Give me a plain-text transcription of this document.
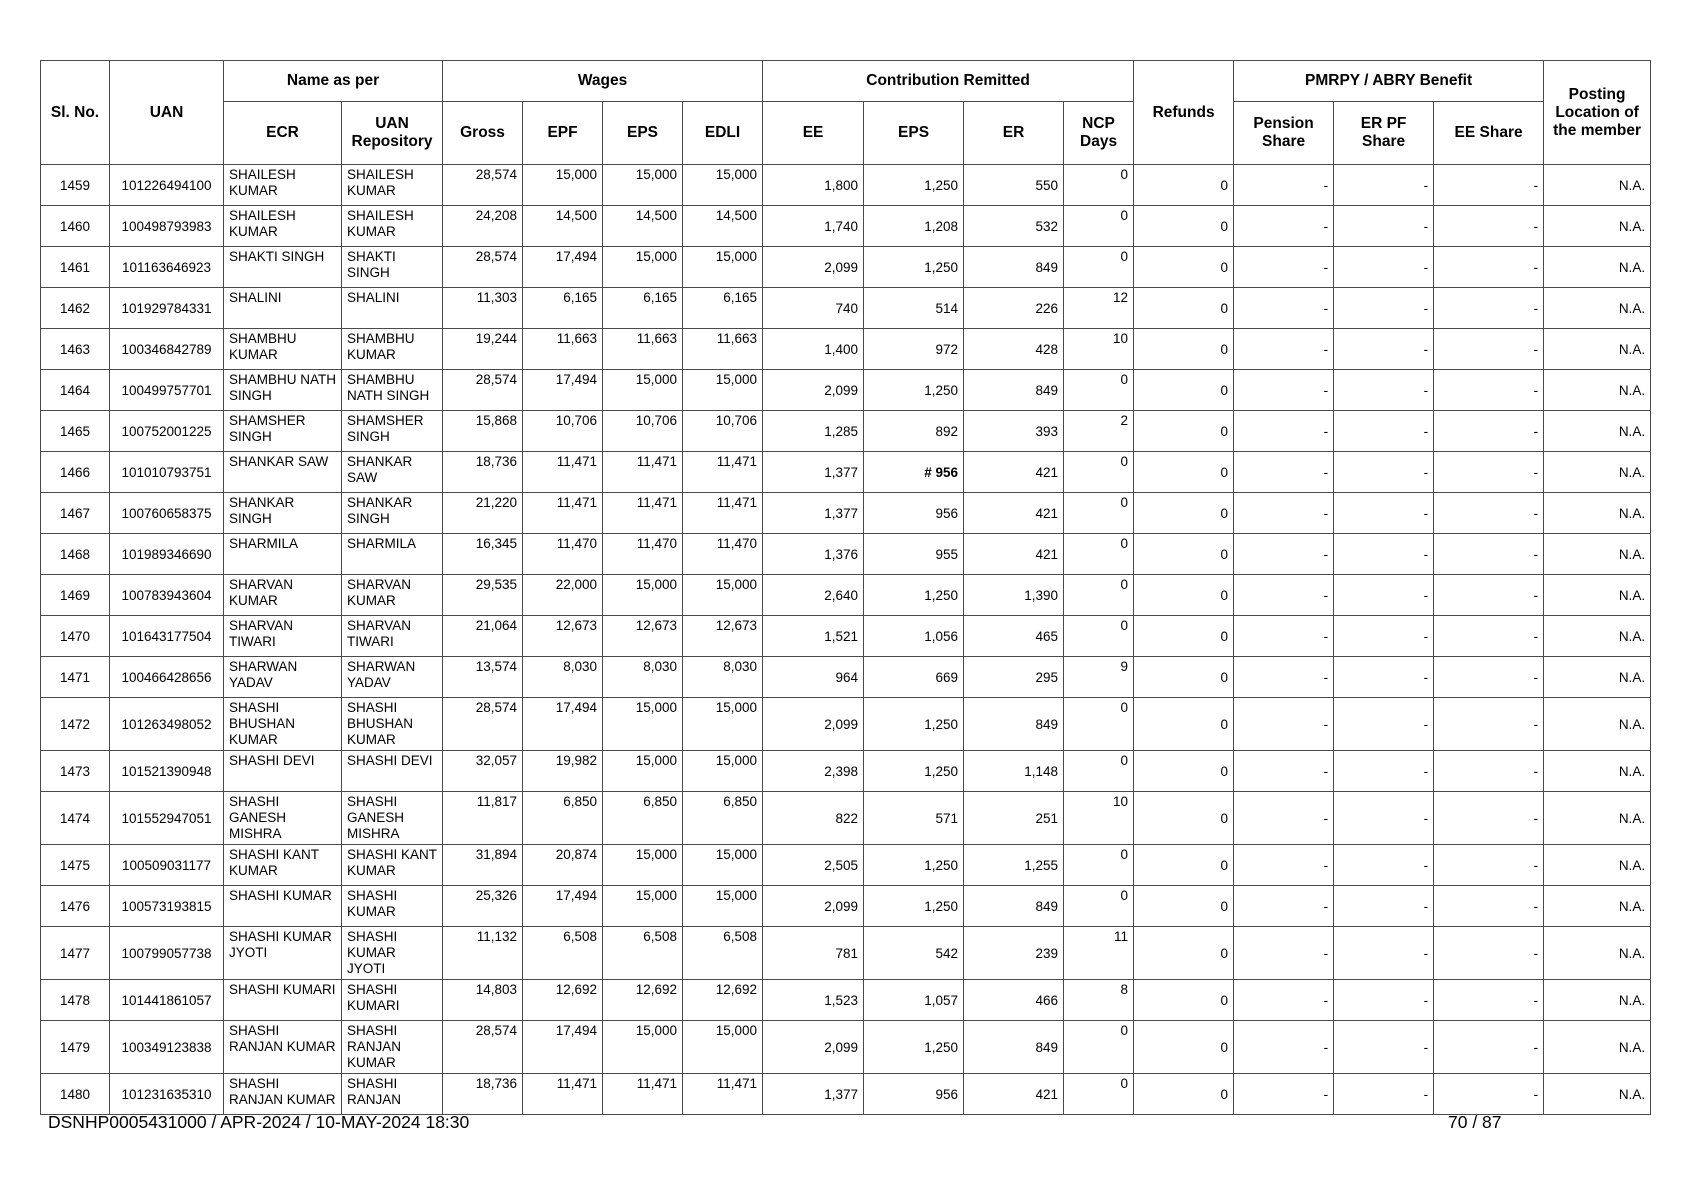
Sl. No.	UAN	Name as per		Wages				Contribution Remitted				Refunds	PMRPY / ABRY Benefit			Posting Location of the member
		ECR	UAN Repository	Gross	EPF	EPS	EDLI	EE	EPS	ER	NCP Days		Pension Share	ER PF Share	EE Share	
1459	101226494100	SHAILESH KUMAR	SHAILESH KUMAR	28,574	15,000	15,000	15,000	1,800	1,250	550	0	0	-	-	-	N.A.
1460	100498793983	SHAILESH KUMAR	SHAILESH KUMAR	24,208	14,500	14,500	14,500	1,740	1,208	532	0	0	-	-	-	N.A.
1461	101163646923	SHAKTI SINGH	SHAKTI SINGH	28,574	17,494	15,000	15,000	2,099	1,250	849	0	0	-	-	-	N.A.
1462	101929784331	SHALINI	SHALINI	11,303	6,165	6,165	6,165	740	514	226	12	0	-	-	-	N.A.
1463	100346842789	SHAMBHU KUMAR	SHAMBHU KUMAR	19,244	11,663	11,663	11,663	1,400	972	428	10	0	-	-	-	N.A.
1464	100499757701	SHAMBHU NATH SINGH	SHAMBHU NATH SINGH	28,574	17,494	15,000	15,000	2,099	1,250	849	0	0	-	-	-	N.A.
1465	100752001225	SHAMSHER SINGH	SHAMSHER SINGH	15,868	10,706	10,706	10,706	1,285	892	393	2	0	-	-	-	N.A.
1466	101010793751	SHANKAR SAW	SHANKAR SAW	18,736	11,471	11,471	11,471	1,377	# 956	421	0	0	-	-	-	N.A.
1467	100760658375	SHANKAR SINGH	SHANKAR SINGH	21,220	11,471	11,471	11,471	1,377	956	421	0	0	-	-	-	N.A.
1468	101989346690	SHARMILA	SHARMILA	16,345	11,470	11,470	11,470	1,376	955	421	0	0	-	-	-	N.A.
1469	100783943604	SHARVAN KUMAR	SHARVAN KUMAR	29,535	22,000	15,000	15,000	2,640	1,250	1,390	0	0	-	-	-	N.A.
1470	101643177504	SHARVAN TIWARI	SHARVAN TIWARI	21,064	12,673	12,673	12,673	1,521	1,056	465	0	0	-	-	-	N.A.
1471	100466428656	SHARWAN YADAV	SHARWAN YADAV	13,574	8,030	8,030	8,030	964	669	295	9	0	-	-	-	N.A.
1472	101263498052	SHASHI BHUSHAN KUMAR	SHASHI BHUSHAN KUMAR	28,574	17,494	15,000	15,000	2,099	1,250	849	0	0	-	-	-	N.A.
1473	101521390948	SHASHI DEVI	SHASHI DEVI	32,057	19,982	15,000	15,000	2,398	1,250	1,148	0	0	-	-	-	N.A.
1474	101552947051	SHASHI GANESH MISHRA	SHASHI GANESH MISHRA	11,817	6,850	6,850	6,850	822	571	251	10	0	-	-	-	N.A.
1475	100509031177	SHASHI KANT KUMAR	SHASHI KANT KUMAR	31,894	20,874	15,000	15,000	2,505	1,250	1,255	0	0	-	-	-	N.A.
1476	100573193815	SHASHI KUMAR	SHASHI KUMAR	25,326	17,494	15,000	15,000	2,099	1,250	849	0	0	-	-	-	N.A.
1477	100799057738	SHASHI KUMAR JYOTI	SHASHI KUMAR JYOTI	11,132	6,508	6,508	6,508	781	542	239	11	0	-	-	-	N.A.
1478	101441861057	SHASHI KUMARI	SHASHI KUMARI	14,803	12,692	12,692	12,692	1,523	1,057	466	8	0	-	-	-	N.A.
1479	100349123838	SHASHI RANJAN KUMAR	SHASHI RANJAN KUMAR	28,574	17,494	15,000	15,000	2,099	1,250	849	0	0	-	-	-	N.A.
1480	101231635310	SHASHI RANJAN KUMAR	SHASHI RANJAN	18,736	11,471	11,471	11,471	1,377	956	421	0	0	-	-	-	N.A.
DSNHP0005431000 / APR-2024 / 10-MAY-2024 18:30	70 / 87
